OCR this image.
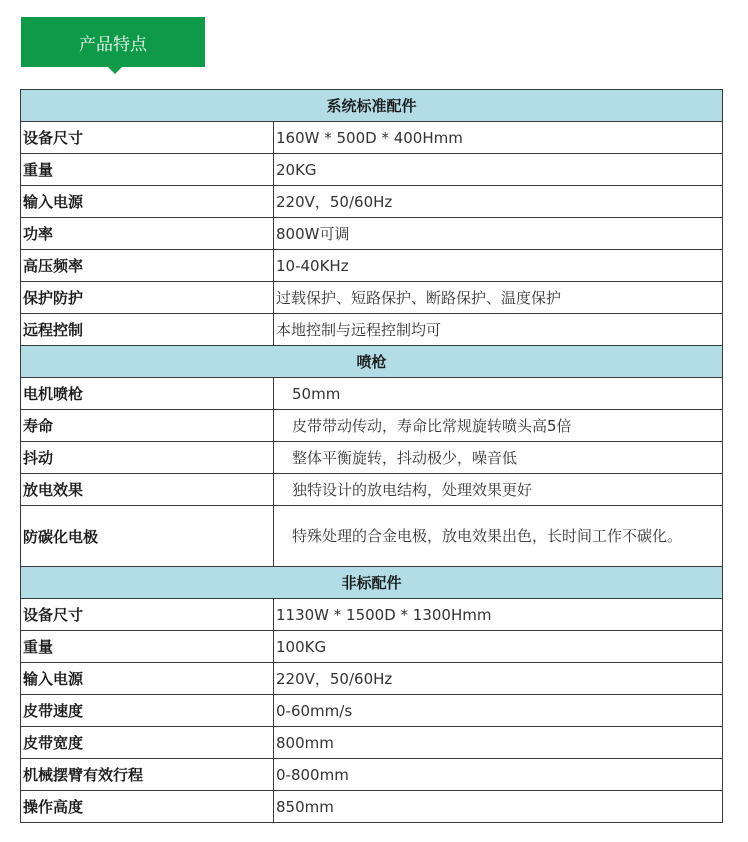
产品特点
系统标准配件	
设备尺寸	160W * 500D * 400Hmm
重量	20KG
输入电源	220V，50/60Hz
功率	800W可调
高压频率	10-40KHz
保护防护	过载保护、短路保护、断路保护、温度保护
远程控制	本地控制与远程控制均可
喷枪	
电机喷枪	50mm
寿命	皮带带动传动，寿命比常规旋转喷头高5倍
抖动	整体平衡旋转，抖动极少，噪音低
放电效果	独特设计的放电结构，处理效果更好
防碳化电极	特殊处理的合金电极，放电效果出色，长时间工作不碳化。
非标配件	
设备尺寸	1130W * 1500D * 1300Hmm
重量	100KG
输入电源	220V，50/60Hz
皮带速度	0-60mm/s
皮带宽度	800mm
机械摆臂有效行程	0-800mm
操作高度	850mm
